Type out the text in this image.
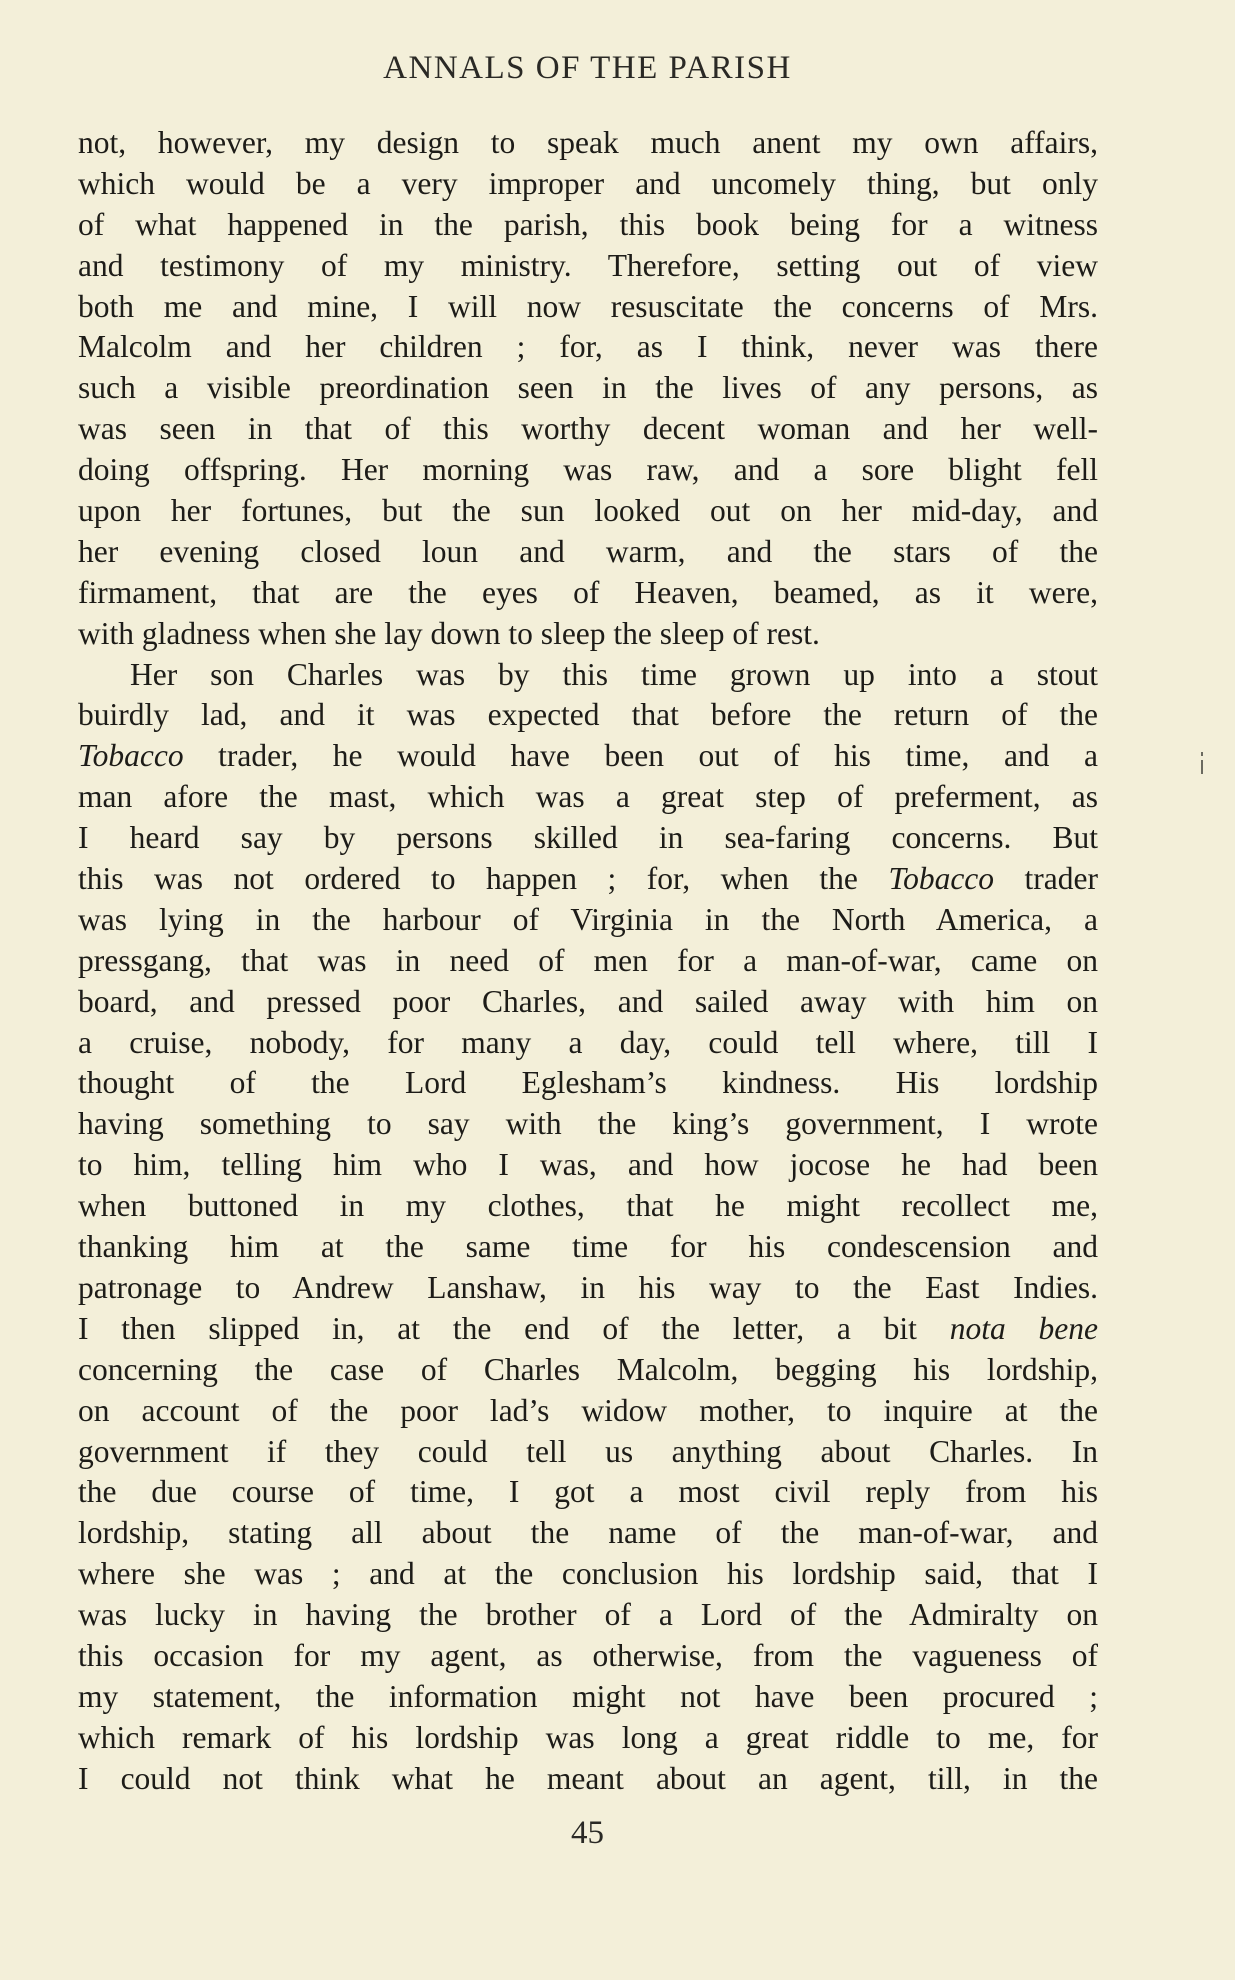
ANNALS OF THE PARISH
not, however, my design to speak much anent my own affairs,
which would be a very improper and uncomely thing, but only
of what happened in the parish, this book being for a witness
and testimony of my ministry. Therefore, setting out of view
both me and mine, I will now resuscitate the concerns of Mrs.
Malcolm and her children ; for, as I think, never was there
such a visible preordination seen in the lives of any persons, as
was seen in that of this worthy decent woman and her well-
doing offspring. Her morning was raw, and a sore blight fell
upon her fortunes, but the sun looked out on her mid-day, and
her evening closed loun and warm, and the stars of the
firmament, that are the eyes of Heaven, beamed, as it were,
with gladness when she lay down to sleep the sleep of rest.
Her son Charles was by this time grown up into a stout
buirdly lad, and it was expected that before the return of the
Tobacco trader, he would have been out of his time, and a
man afore the mast, which was a great step of preferment, as
I heard say by persons skilled in sea-faring concerns. But
this was not ordered to happen ; for, when the Tobacco trader
was lying in the harbour of Virginia in the North America, a
pressgang, that was in need of men for a man-of-war, came on
board, and pressed poor Charles, and sailed away with him on
a cruise, nobody, for many a day, could tell where, till I
thought of the Lord Eglesham’s kindness. His lordship
having something to say with the king’s government, I wrote
to him, telling him who I was, and how jocose he had been
when buttoned in my clothes, that he might recollect me,
thanking him at the same time for his condescension and
patronage to Andrew Lanshaw, in his way to the East Indies.
I then slipped in, at the end of the letter, a bit nota bene
concerning the case of Charles Malcolm, begging his lordship,
on account of the poor lad’s widow mother, to inquire at the
government if they could tell us anything about Charles. In
the due course of time, I got a most civil reply from his
lordship, stating all about the name of the man-of-war, and
where she was ; and at the conclusion his lordship said, that I
was lucky in having the brother of a Lord of the Admiralty on
this occasion for my agent, as otherwise, from the vagueness of
my statement, the information might not have been procured ;
which remark of his lordship was long a great riddle to me, for
I could not think what he meant about an agent, till, in the
45
